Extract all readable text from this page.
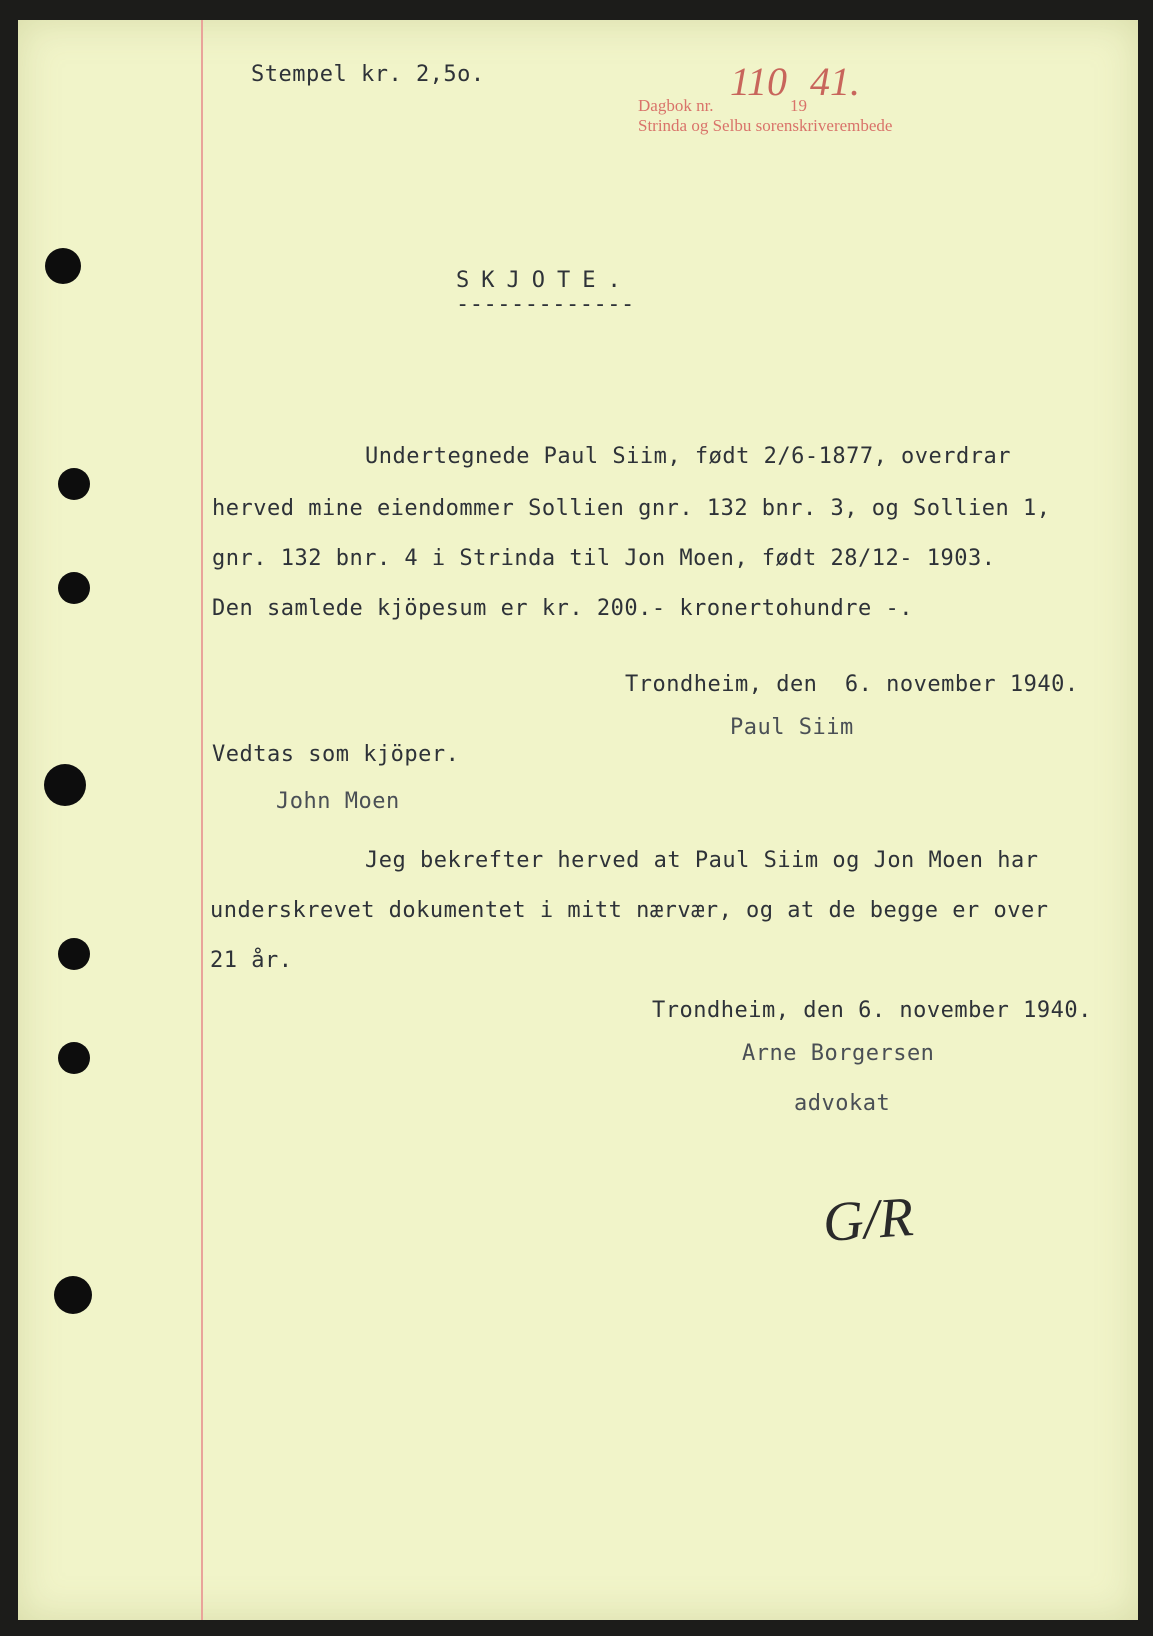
Stempel kr. 2,5o.
Dagbok nr.
110
19
41.
Strinda og Selbu sorenskriverembede
SKJOTE.
-------------
Undertegnede Paul Siim, født 2/6-1877, overdrar
herved mine eiendommer Sollien gnr. 132 bnr. 3, og Sollien 1,
gnr. 132 bnr. 4 i Strinda til Jon Moen, født 28/12- 1903.
Den samlede kjöpesum er kr. 200.- kronertohundre -.
Trondheim, den  6. november 1940.
Paul Siim
Vedtas som kjöper.
John Moen
Jeg bekrefter herved at Paul Siim og Jon Moen har
underskrevet dokumentet i mitt nærvær, og at de begge er over
21 år.
Trondheim, den 6. november 1940.
Arne Borgersen
advokat
G/R
